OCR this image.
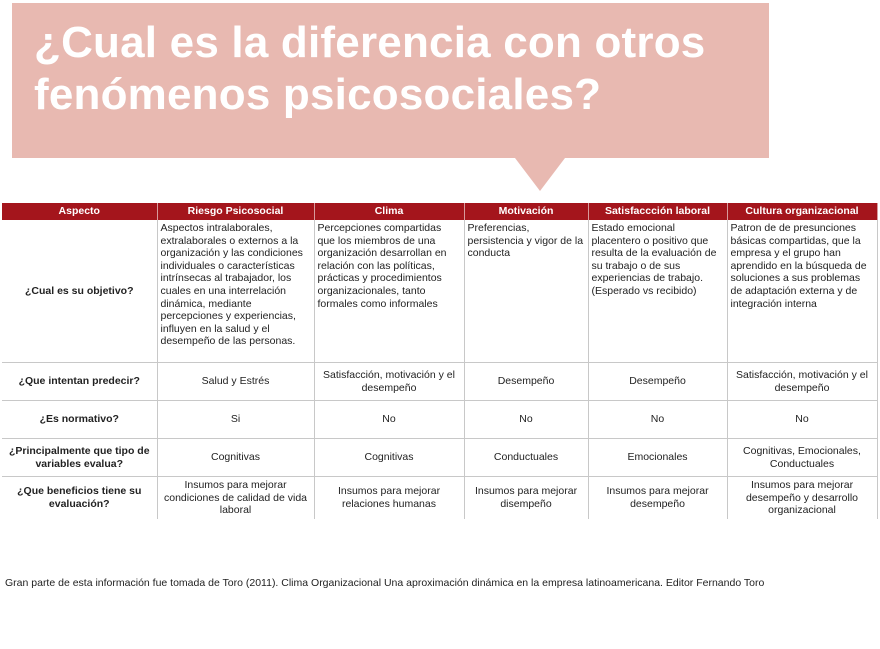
¿Cual es la diferencia con otros
fenómenos psicosociales?
Aspecto	Riesgo Psicosocial	Clima	Motivación	Satisfaccción laboral	Cultura organizacional
¿Cual es su objetivo?	Aspectos intralaborales, extralaborales o externos a la organización y las condiciones individuales o características intrínsecas al trabajador, los cuales en una interrelación dinámica, mediante percepciones y experiencias, influyen en la salud y el desempeño de las personas.	Percepciones compartidas que los miembros de una organización desarrollan en relación con las políticas, prácticas y procedimientos organizacionales, tanto formales como informales	Preferencias, persistencia y vigor de la conducta	Estado emocional placentero o positivo que resulta de la evaluación de su trabajo o de sus experiencias de trabajo. (Esperado vs recibido)	Patron de de presunciones básicas compartidas, que la empresa y el grupo han aprendido en la búsqueda de soluciones a sus problemas de adaptación externa y de integración interna
¿Que intentan predecir?	Salud y Estrés	Satisfacción, motivación y el desempeño	Desempeño	Desempeño	Satisfacción, motivación y el desempeño
¿Es normativo?	Si	No	No	No	No
¿Principalmente que tipo de variables evalua?	Cognitivas	Cognitivas	Conductuales	Emocionales	Cognitivas, Emocionales, Conductuales
¿Que beneficios tiene su evaluación?	Insumos para mejorar condiciones de calidad de vida laboral	Insumos para mejorar relaciones humanas	Insumos para mejorar disempeño	Insumos para mejorar desempeño	Insumos para mejorar desempeño y desarrollo organizacional
Gran parte de esta información fue tomada de Toro (2011). Clima Organizacional Una aproximación dinámica en la empresa latinoamericana. Editor Fernando Toro
